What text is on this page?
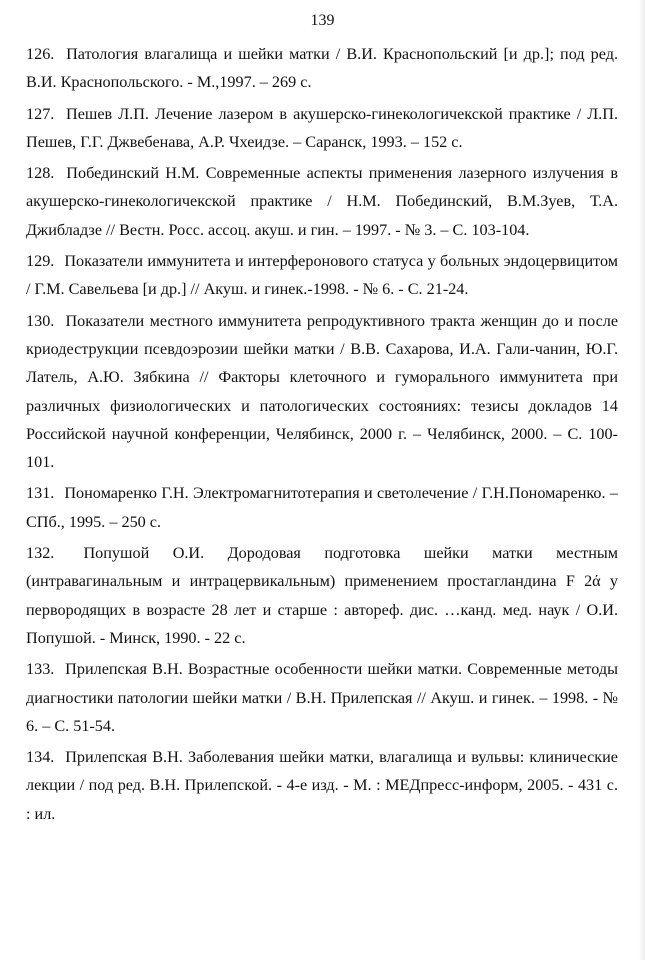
139

126. Патология влагалища и шейки матки / В.И. Краснопольский [и др.]; под ред. В.И. Краснопольского. - М.,1997. – 269 с.

127. Пешев Л.П. Лечение лазером в акушерско-гинекологичекской практике / Л.П. Пешев, Г.Г. Джвебенава, А.Р. Чхеидзе. – Саранск, 1993. – 152 с.

128. Побединский Н.М. Современные аспекты применения лазерного излучения в акушерско-гинекологичекской практике / Н.М. Побединский, В.М.Зуев, Т.А. Джибладзе // Вестн. Росс. ассоц. акуш. и гин. – 1997. - № 3. – С. 103-104.

129. Показатели иммунитета и интерферонового статуса у больных эндоцервицитом / Г.М. Савельева [и др.] // Акуш. и гинек.-1998. - № 6. - С. 21-24.

130. Показатели местного иммунитета репродуктивного тракта женщин до и после криодеструкции псевдоэрозии шейки матки / В.В. Сахарова, И.А. Гали-чанин, Ю.Г. Латель, А.Ю. Зябкина // Факторы клеточного и гуморального иммунитета при различных физиологических и патологических состояниях: тезисы докладов 14 Российской научной конференции, Челябинск, 2000 г. – Челябинск, 2000. – С. 100-101.

131. Пономаренко Г.Н. Электромагнитотерапия и светолечение / Г.Н.Пономаренко. – СПб., 1995. – 250 с.

132. Попушой О.И. Дородовая подготовка шейки матки местным (интравагинальным и интрацервикальным) применением простагландина F 2ά у первородящих в возрасте 28 лет и старше : автореф. дис. …канд. мед. наук / О.И. Попушой. - Минск, 1990. - 22 с.

133. Прилепская В.Н. Возрастные особенности шейки матки. Современные методы диагностики патологии шейки матки / В.Н. Прилепская // Акуш. и гинек. – 1998. - № 6. – С. 51-54.

134. Прилепская В.Н. Заболевания шейки матки, влагалища и вульвы: клинические лекции / под ред. В.Н. Прилепской. - 4-е изд. - М. : МЕДпресс-информ, 2005. - 431 с. : ил.
